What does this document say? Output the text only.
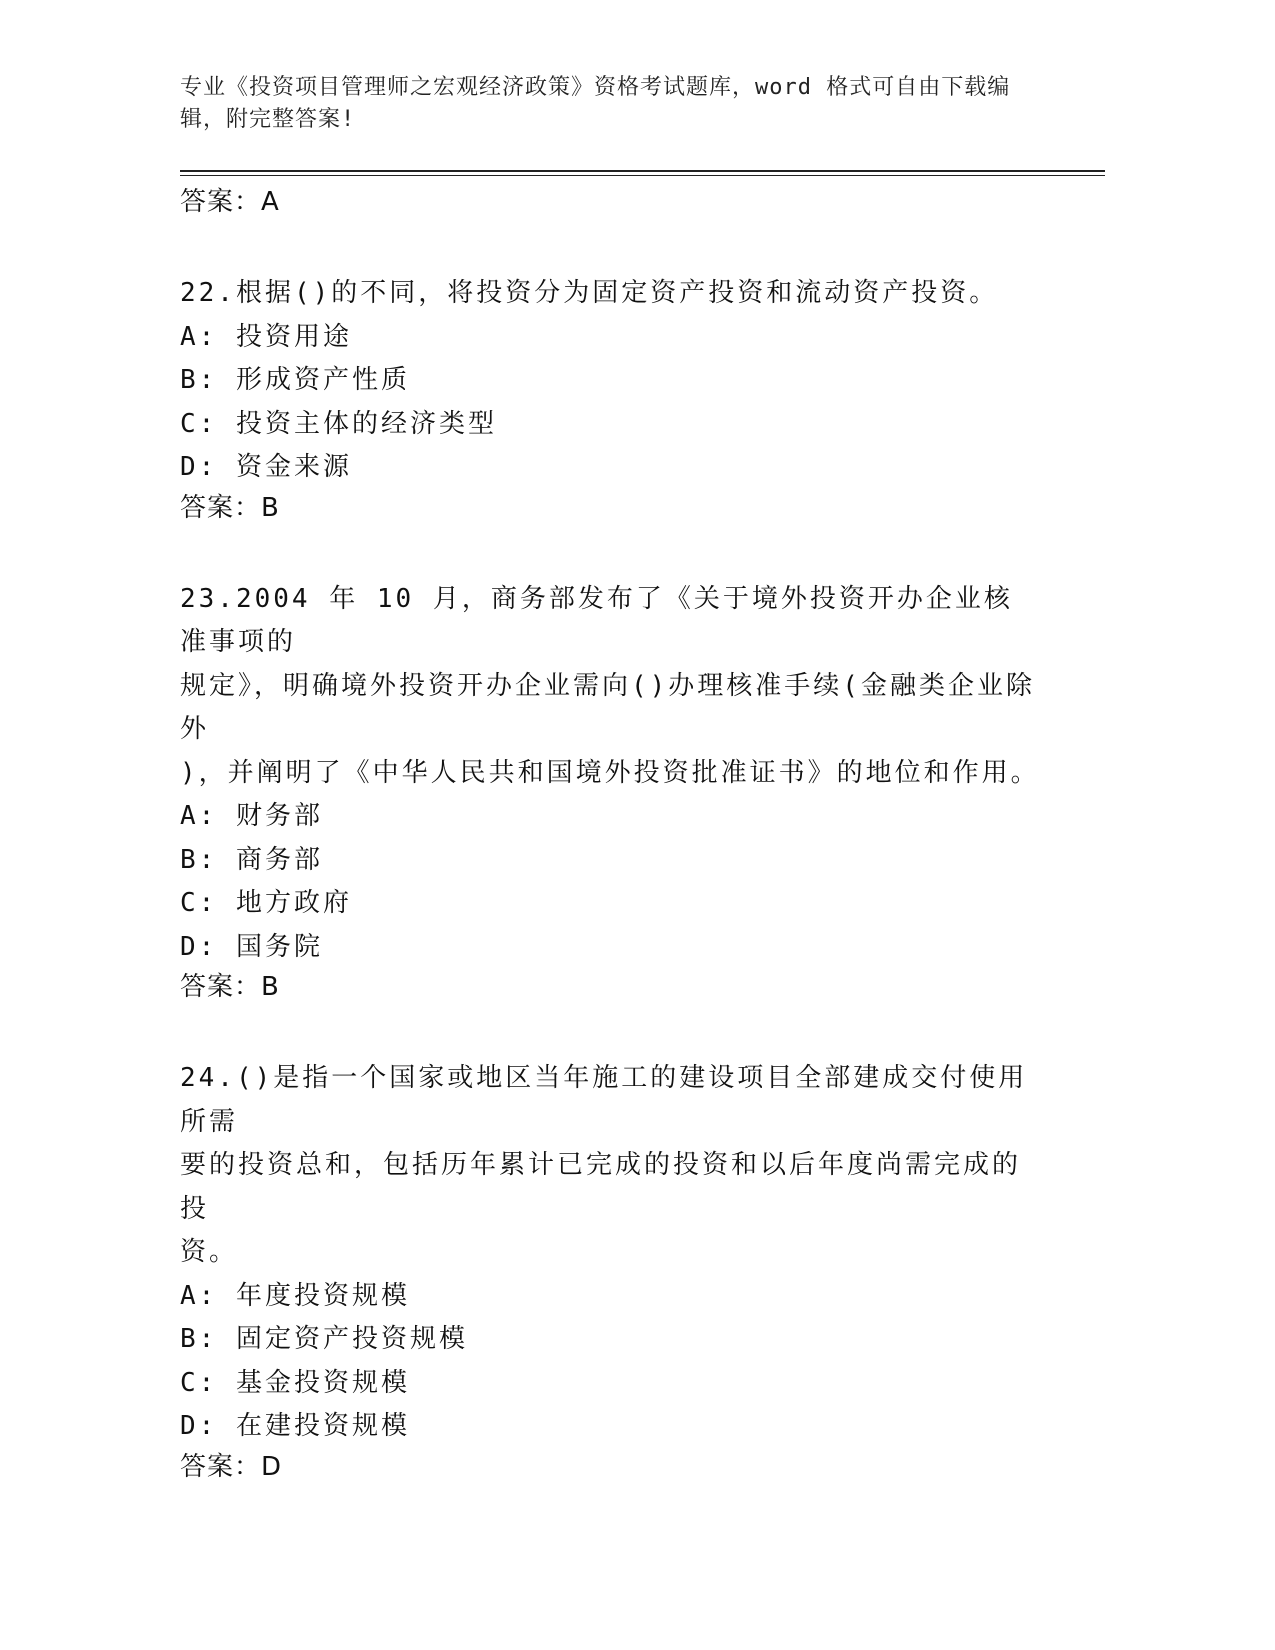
专业《投资项目管理师之宏观经济政策》资格考试题库，word 格式可自由下载编
辑，附完整答案!

答案：A

22.根据()的不同，将投资分为固定资产投资和流动资产投资。

A: 投资用途

B: 形成资产性质

C: 投资主体的经济类型

D: 资金来源

答案：B

23.2004 年 10 月，商务部发布了《关于境外投资开办企业核准事项的

规定》，明确境外投资开办企业需向()办理核准手续(金融类企业除外

)，并阐明了《中华人民共和国境外投资批准证书》的地位和作用。

A: 财务部

B: 商务部

C: 地方政府

D: 国务院

答案：B

24.()是指一个国家或地区当年施工的建设项目全部建成交付使用所需

要的投资总和，包括历年累计已完成的投资和以后年度尚需完成的投

资。

A: 年度投资规模

B: 固定资产投资规模

C: 基金投资规模

D: 在建投资规模

答案：D
